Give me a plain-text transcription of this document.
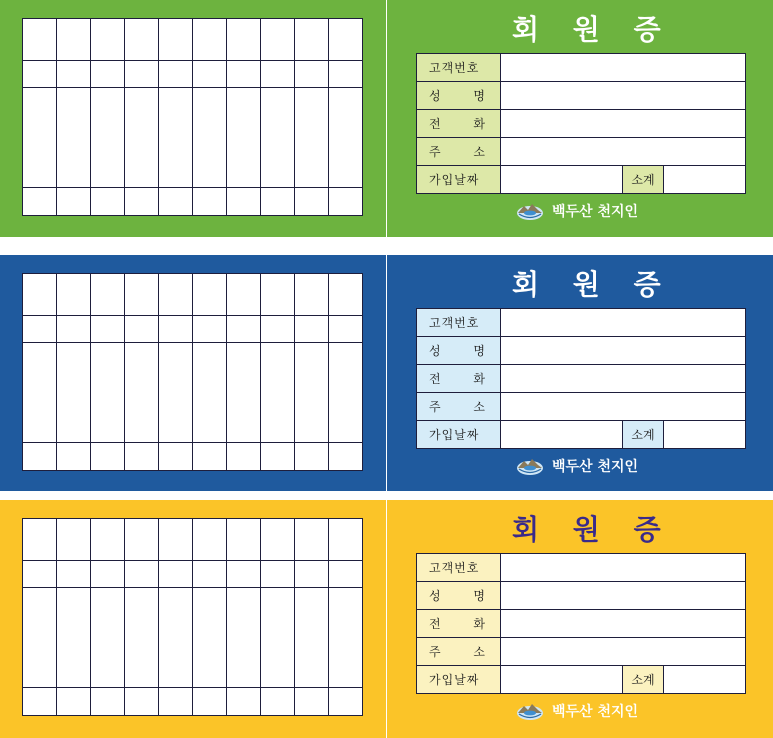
회 원 증
고객번호			

성 명			

전 화			

주 소			

가입날짜		소계	
백두산 천지인

회 원 증
고객번호			

성 명			

전 화			

주 소			

가입날짜		소계	
백두산 천지인

회 원 증
고객번호			

성 명			

전 화			

주 소			

가입날짜		소계	
백두산 천지인
